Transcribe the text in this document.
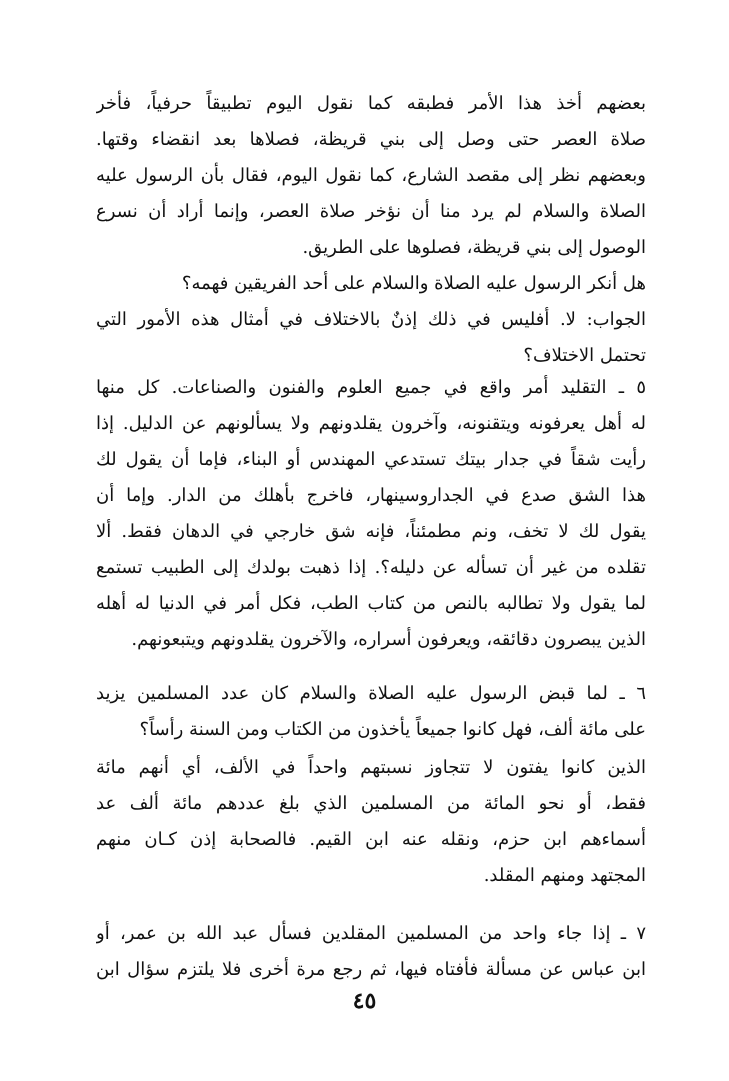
بعضهم أخذ هذا الأمر فطبقه كما نقول اليوم تطبيقاً حرفياً، فأخر
صلاة العصر حتى وصل إلى بني قريظة، فصلاها بعد انقضاء وقتها.
وبعضهم نظر إلى مقصد الشارع، كما نقول اليوم، فقال بأن الرسول عليه
الصلاة والسلام لم يرد منا أن نؤخر صلاة العصر، وإنما أراد أن نسرع
الوصول إلى بني قريظة، فصلوها على الطريق.

هل أنكر الرسول عليه الصلاة والسلام على أحد الفريقين فهمه؟
الجواب: لا. أفليس في ذلك إذنٌ بالاختلاف في أمثال هذه الأمور التي
تحتمل الاختلاف؟

٥ ـ التقليد أمر واقع في جميع العلوم والفنون والصناعات. كل منها
له أهل يعرفونه ويتقنونه، وآخرون يقلدونهم ولا يسألونهم عن الدليل. إذا
رأيت شقاً في جدار بيتك تستدعي المهندس أو البناء، فإما أن يقول لك
هذا الشق صدع في الجداروسينهار، فاخرج بأهلك من الدار. وإما أن
يقول لك لا تخف، ونم مطمئناً، فإنه شق خارجي في الدهان فقط. ألا
تقلده من غير أن تسأله عن دليله؟. إذا ذهبت بولدك إلى الطبيب تستمع
لما يقول ولا تطالبه بالنص من كتاب الطب، فكل أمر في الدنيا له أهله
الذين يبصرون دقائقه، ويعرفون أسراره، والآخرون يقلدونهم ويتبعونهم.

٦ ـ لما قبض الرسول عليه الصلاة والسلام كان عدد المسلمين يزيد
على مائة ألف، فهل كانوا جميعاً يأخذون من الكتاب ومن السنة رأساً؟

الذين كانوا يفتون لا تتجاوز نسبتهم واحداً في الألف، أي أنهم مائة
فقط، أو نحو المائة من المسلمين الذي بلغ عددهم مائة ألف عد
أسماءهم ابن حزم، ونقله عنه ابن القيم. فالصحابة إذن كـان منهم
المجتهد ومنهم المقلد.

٧ ـ إذا جاء واحد من المسلمين المقلدين فسأل عبد الله بن عمر، أو
ابن عباس عن مسألة فأفتاه فيها، ثم رجع مرة أخرى فلا يلتزم سؤال ابن

٤٥
